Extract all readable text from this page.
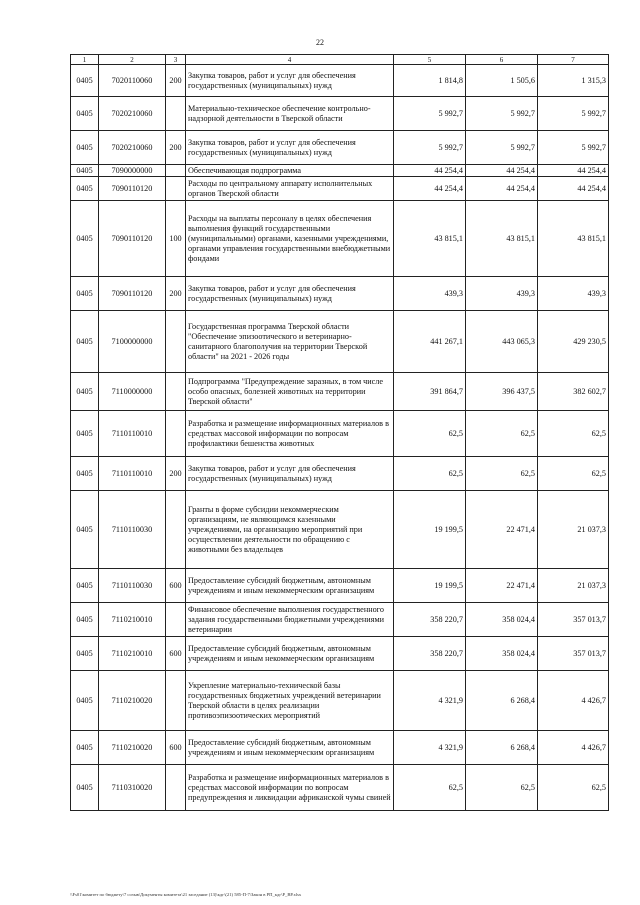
22
1	2	3	4	5	6	7
0405	7020110060	200	Закупка товаров, работ и услуг для обеспечения государственных (муниципальных) нужд	1 814,8	1 505,6	1 315,3
0405	7020210060		Материально-техническое обеспечение контрольно-надзорной деятельности в Тверской области	5 992,7	5 992,7	5 992,7
0405	7020210060	200	Закупка товаров, работ и услуг для обеспечения государственных (муниципальных) нужд	5 992,7	5 992,7	5 992,7
0405	7090000000		Обеспечивающая подпрограмма	44 254,4	44 254,4	44 254,4
0405	7090110120		Расходы по центральному аппарату исполнительных органов Тверской области	44 254,4	44 254,4	44 254,4
0405	7090110120	100	Расходы на выплаты персоналу в целях обеспечения выполнения функций государственными (муниципальными) органами, казенными учреждениями, органами управления государственными внебюджетными фондами	43 815,1	43 815,1	43 815,1
0405	7090110120	200	Закупка товаров, работ и услуг для обеспечения государственных (муниципальных) нужд	439,3	439,3	439,3
0405	7100000000		Государственная программа Тверской области "Обеспечение эпизоотического и ветеринарно-санитарного благополучия на территории Тверской области" на 2021 - 2026 годы	441 267,1	443 065,3	429 230,5
0405	7110000000		Подпрограмма "Предупреждение заразных, в том числе особо опасных, болезней животных на территории Тверской области"	391 864,7	396 437,5	382 602,7
0405	7110110010		Разработка и размещение информационных материалов в средствах массовой информации по вопросам профилактики бешенства животных	62,5	62,5	62,5
0405	7110110010	200	Закупка товаров, работ и услуг для обеспечения государственных (муниципальных) нужд	62,5	62,5	62,5
0405	7110110030		Гранты в форме субсидии некоммерческим организациям, не являющимся казенными учреждениями, на организацию мероприятий при осуществлении деятельности по обращению с животными без владельцев	19 199,5	22 471,4	21 037,3
0405	7110110030	600	Предоставление субсидий бюджетным, автономным учреждениям и иным некоммерческим организациям	19 199,5	22 471,4	21 037,3
0405	7110210010		Финансовое обеспечение выполнения государственного задания государственными бюджетными учреждениями ветеринарии	358 220,7	358 024,4	357 013,7
0405	7110210010	600	Предоставление субсидий бюджетным, автономным учреждениям и иным некоммерческим организациям	358 220,7	358 024,4	357 013,7
0405	7110210020		Укрепление материально-технической базы государственных бюджетных учреждений ветеринарии Тверской области в целях реализации противоэпизоотических мероприятий	4 321,9	6 268,4	4 426,7
0405	7110210020	600	Предоставление субсидий бюджетным, автономным учреждениям и иным некоммерческим организациям	4 321,9	6 268,4	4 426,7
0405	7110310020		Разработка и размещение информационных материалов в средствах массовой информации по вопросам предупреждения и ликвидации африканской чумы свиней	62,5	62,5	62,5
\\Fs01\комитет по бюджету\7 созыв\Документы комитета\21 заседание (13)\кдг\(21) 585-П-7\Закон в РП_кдг\Р_ВР.xlsx
